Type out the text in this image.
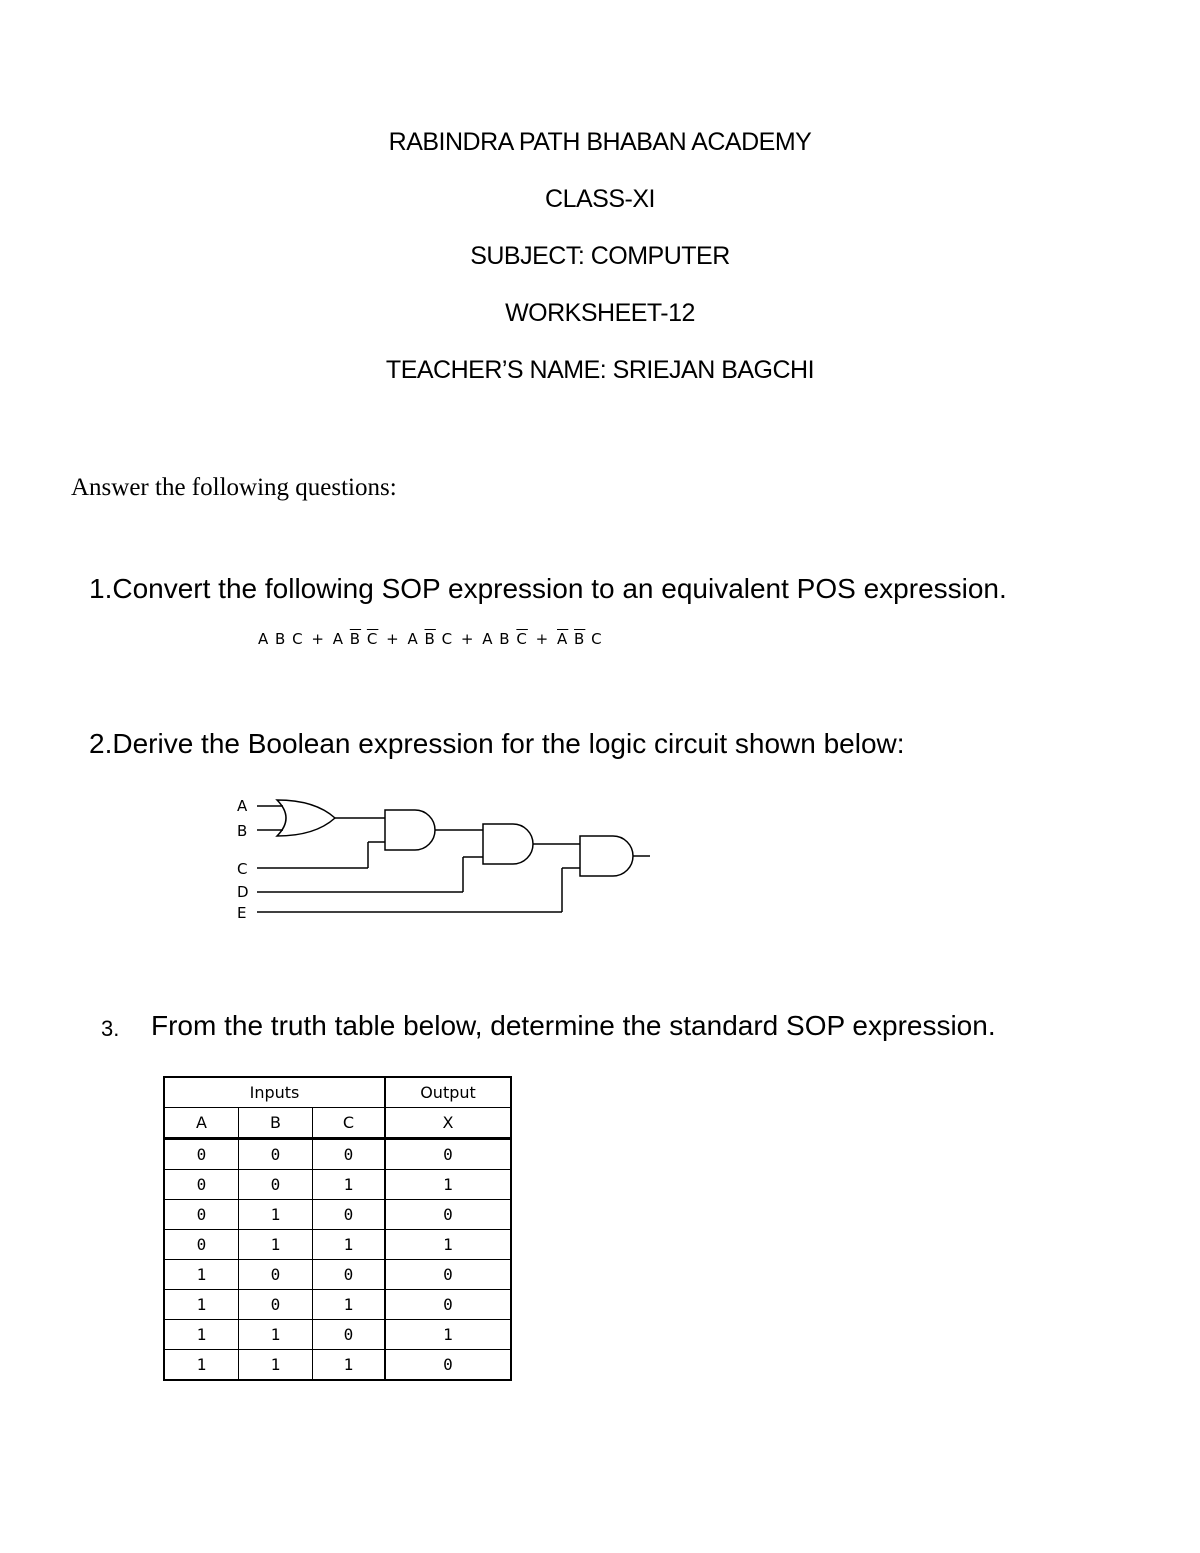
RABINDRA PATH BHABAN ACADEMY
CLASS-XI
SUBJECT: COMPUTER
WORKSHEET-12
TEACHER’S NAME: SRIEJAN BAGCHI
Answer the following questions:
1.Convert the following SOP expression to an equivalent POS expression.
A B C + A $\overline{B}$ $\overline{C} + A$ $\overline{B}$ C + A B $\overline{C} + \overline{A}$ $\overline{B}$ C
2.Derive the Boolean expression for the logic circuit shown below:
A
B
C
D
E
3. From the truth table below, determine the standard SOP expression.
Inputs			Output
A	B	C	X
0	0	0	0
0	0	1	1
0	1	0	0
0	1	1	1
1	0	0	0
1	0	1	0
1	1	0	1
1	1	1	0
